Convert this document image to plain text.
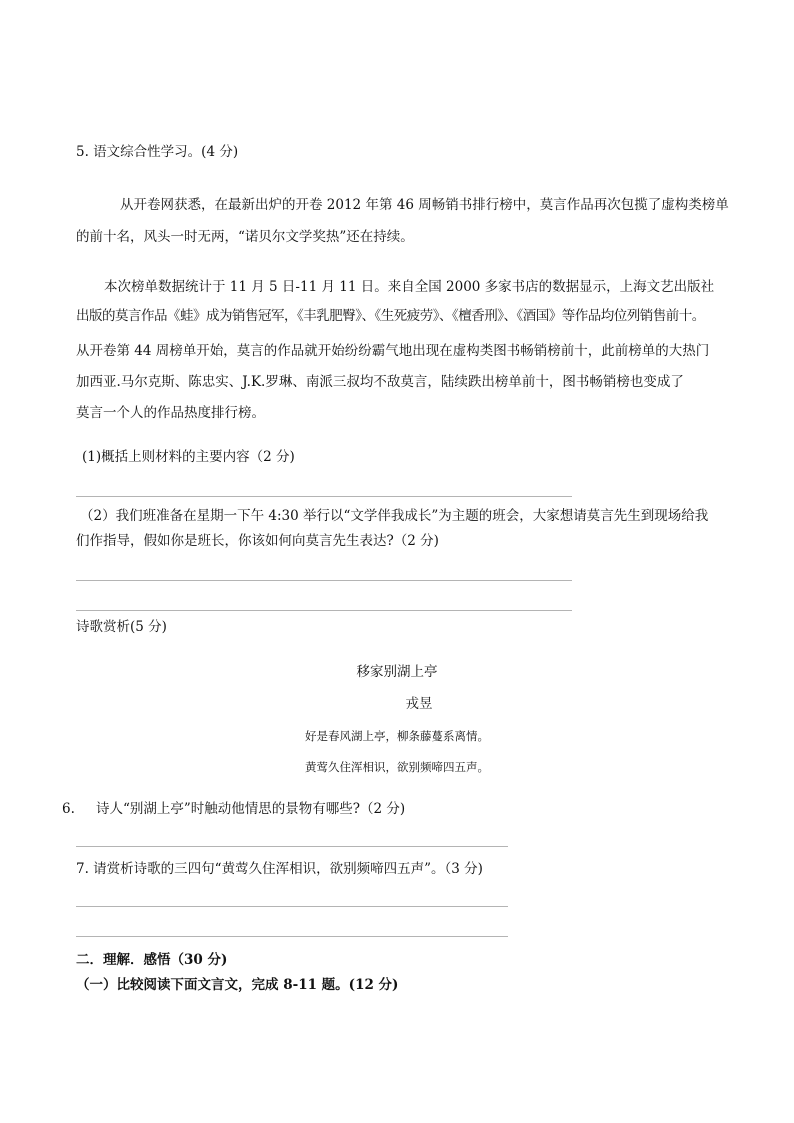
5. 语文综合性学习。(4 分)
从开卷网获悉，在最新出炉的开卷 2012 年第 46 周畅销书排行榜中，莫言作品再次包揽了虚构类榜单
的前十名，风头一时无两，“诺贝尔文学奖热”还在持续。
本次榜单数据统计于 11 月 5 日-11 月 11 日。来自全国 2000 多家书店的数据显示，上海文艺出版社
出版的莫言作品《蛙》成为销售冠军，《丰乳肥臀》、《生死疲劳》、《檀香刑》、《酒国》等作品均位列销售前十。
从开卷第 44 周榜单开始，莫言的作品就开始纷纷霸气地出现在虚构类图书畅销榜前十，此前榜单的大热门
加西亚.马尔克斯、陈忠实、J.K.罗琳、南派三叔均不敌莫言，陆续跌出榜单前十，图书畅销榜也变成了
莫言一个人的作品热度排行榜。
(1)概括上则材料的主要内容（2 分)
（2）我们班准备在星期一下午 4:30 举行以“文学伴我成长”为主题的班会，大家想请莫言先生到现场给我
们作指导，假如你是班长，你该如何向莫言先生表达?（2 分)
诗歌赏析(5 分)
移家别湖上亭
戎昱
好是春风湖上亭，柳条藤蔓系离情。
黄莺久住浑相识，欲别频啼四五声。
6. 诗人“别湖上亭”时触动他情思的景物有哪些?（2 分)
7. 请赏析诗歌的三四句“黄莺久住浑相识，欲别频啼四五声”。（3 分)
二．理解．感悟（30 分)
（一）比较阅读下面文言文，完成 8-11 题。(12 分)
